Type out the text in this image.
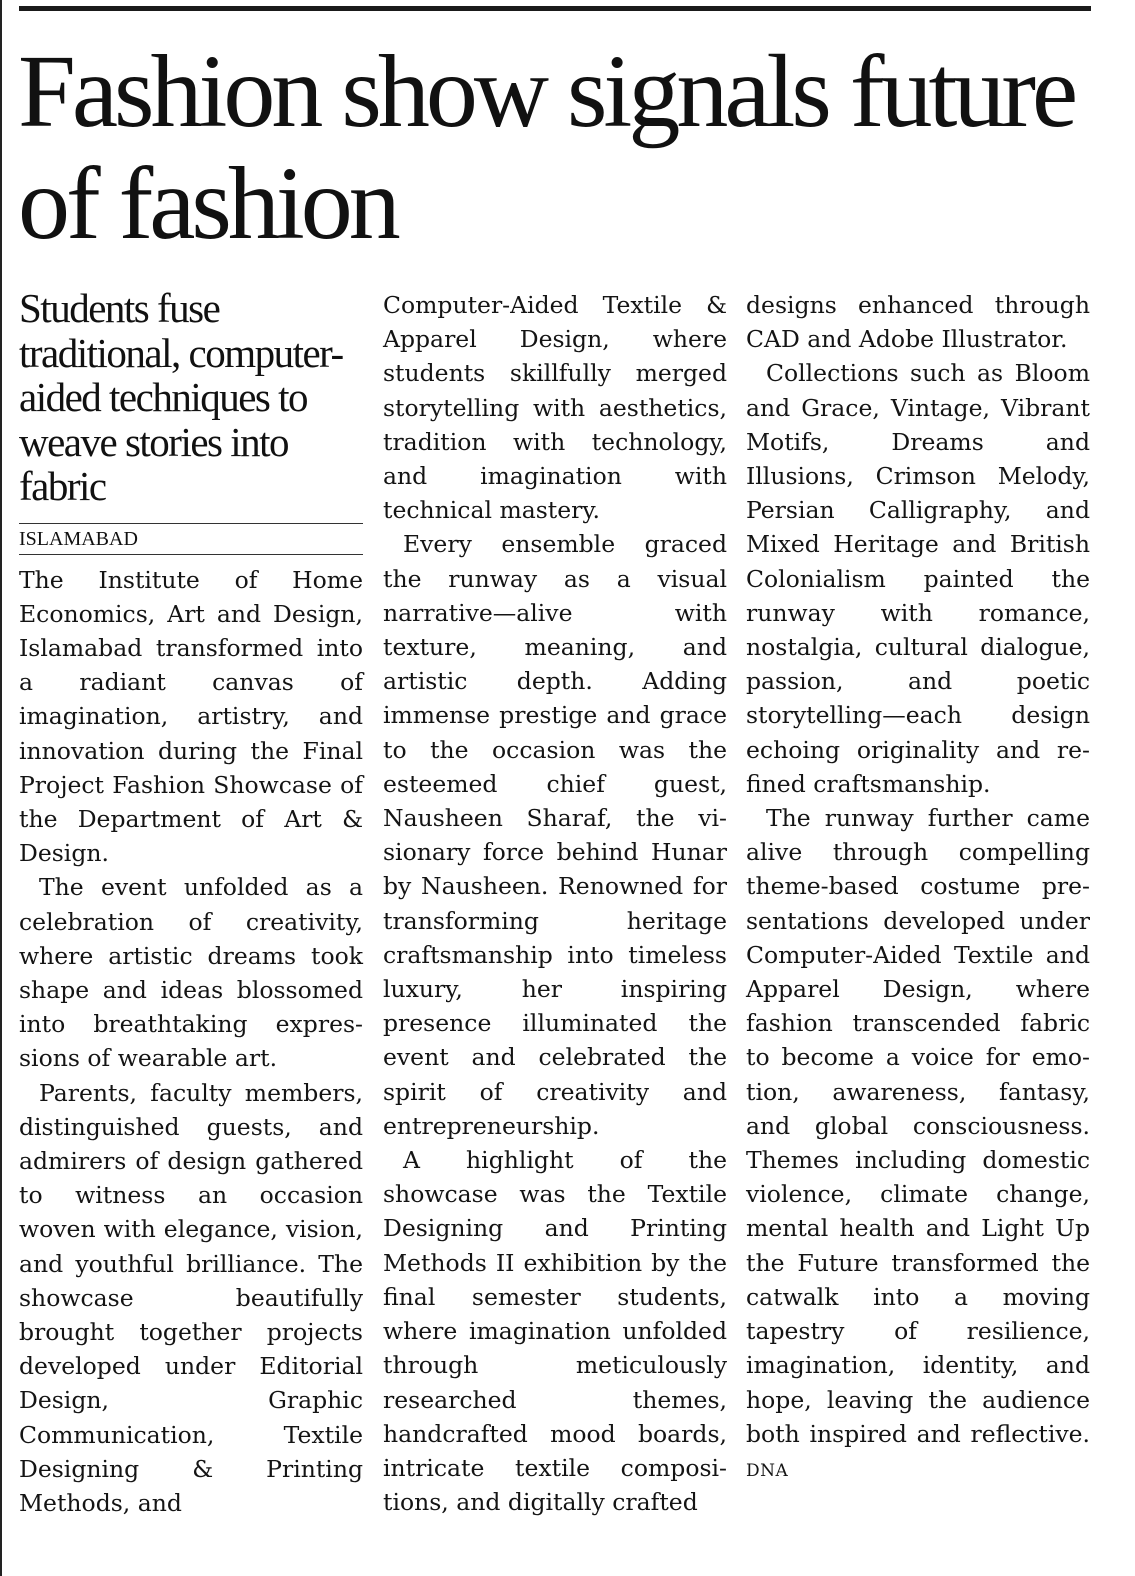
Fashion show signals future of fashion
Students fuse traditional, computer-aided techniques to weave stories into fabric
ISLAMABAD

The Institute of Home Economics, Art and Design, Islamabad transformed into a radiant canvas of imagination, artistry, and innovation during the Final Project Fashion Showcase of the Department of Art & Design.

The event unfolded as a celebration of creativity, where artistic dreams took shape and ideas blossomed into breathtaking expressions of wearable art.

Parents, faculty members, distinguished guests, and admirers of design gathered to witness an occasion woven with elegance, vision, and youthful brilliance. The showcase beautifully brought together projects developed under Editorial Design, Graphic Communication, Textile Designing & Printing Methods, and

Computer-Aided Textile & Apparel Design, where students skillfully merged storytelling with aesthetics, tradition with technology, and imagination with technical mastery.

Every ensemble graced the runway as a visual narrative—alive with texture, meaning, and artistic depth. Adding immense prestige and grace to the occasion was the esteemed chief guest, Nausheen Sharaf, the visionary force behind Hunar by Nausheen. Renowned for transforming heritage craftsmanship into timeless luxury, her inspiring presence illuminated the event and celebrated the spirit of creativity and entrepreneurship.

A highlight of the showcase was the Textile Designing and Printing Methods II exhibition by the final semester students, where imagination unfolded through meticulously researched themes, handcrafted mood boards, intricate textile compositions, and digitally crafted

designs enhanced through CAD and Adobe Illustrator.

Collections such as Bloom and Grace, Vintage, Vibrant Motifs, Dreams and Illusions, Crimson Melody, Persian Calligraphy, and Mixed Heritage and British Colonialism painted the runway with romance, nostalgia, cultural dialogue, passion, and poetic storytelling—each design echoing originality and refined craftsmanship.

The runway further came alive through compelling theme-based costume presentations developed under Computer-Aided Textile and Apparel Design, where fashion transcended fabric to become a voice for emotion, awareness, fantasy, and global consciousness. Themes including domestic violence, climate change, mental health and Light Up the Future transformed the catwalk into a moving tapestry of resilience, imagination, identity, and hope, leaving the audience both inspired and reflective. DNA
